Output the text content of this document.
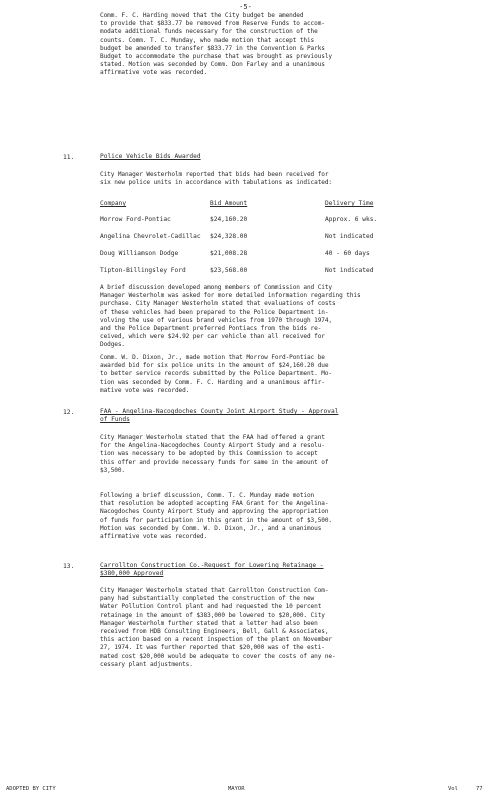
-5-
Comm. F. C. Harding moved that the City budget be amended
to provide that $833.77 be removed from Reserve Funds to accom-
modate additional funds necessary for the construction of the
counts. Comm. T. C. Munday, who made motion that accept this
budget be amended to transfer $833.77 in the Convention & Parks
Budget to accommodate the purchase that was brought as previously
stated. Motion was seconded by Comm. Don Farley and a unanimous
affirmative vote was recorded.
11.	Police Vehicle Bids Awarded
City Manager Westerholm reported that bids had been received for
six new police units in accordance with tabulations as indicated:
Company	Bid Amount	Delivery Time
Morrow Ford-Pontiac	$24,160.20	Approx. 6 wks.
Angelina Chevrolet-Cadillac $24,328.00	Not indicated
Doug Williamson Dodge	$21,008.28	40 - 60 days
Tipton-Billingsley Ford	$23,568.00	Not indicated
A brief discussion developed among members of Commission and City
Manager Westerholm was asked for more detailed information regarding this
purchase. City Manager Westerholm stated that evaluations of costs
of these vehicles had been prepared to the Police Department in-
volving the use of various brand vehicles from 1970 through 1974,
and the Police Department preferred Pontiacs from the bids re-
ceived, which were $24.92 per car vehicle than all received for
Dodges.
Comm. W. D. Dixon, Jr., made motion that Morrow Ford-Pontiac be
awarded bid for six police units in the amount of $24,160.20 due
to better service records submitted by the Police Department. Mo-
tion was seconded by Comm. F. C. Harding and a unanimous affir-
mative vote was recorded.
12.	FAA - Angelina-Nacogdoches County Joint Airport Study - Approval
of Funds
City Manager Westerholm stated that the FAA had offered a grant
for the Angelina-Nacogdoches County Airport Study and a resolu-
tion was necessary to be adopted by this Commission to accept
this offer and provide necessary funds for same in the amount of
$3,500.
Following a brief discussion, Comm. T. C. Munday made motion
that resolution be adopted accepting FAA Grant for the Angelina-
Nacogdoches County Airport Study and approving the appropriation
of funds for participation in this grant in the amount of $3,500.
Motion was seconded by Comm. W. D. Dixon, Jr., and a unanimous
affirmative vote was recorded.
13.	Carrollton Construction Co.-Request for Lowering Retainage -
$380,000 Approved
City Manager Westerholm stated that Carrollton Construction Com-
pany had substantially completed the construction of the new
Water Pollution Control plant and had requested the 10 percent
retainage in the amount of $383,000 be lowered to $20,000. City
Manager Westerholm further stated that a letter had also been
received from HDB Consulting Engineers, Bell, Gall & Associates,
this action based on a recent inspection of the plant on November
27, 1974. It was further reported that $20,000 was of the esti-
mated cost $20,000 would be adequate to cover the costs of any ne-
cessary plant adjustments.
ADOPTED BY CITY	MAYOR	Vol	77
